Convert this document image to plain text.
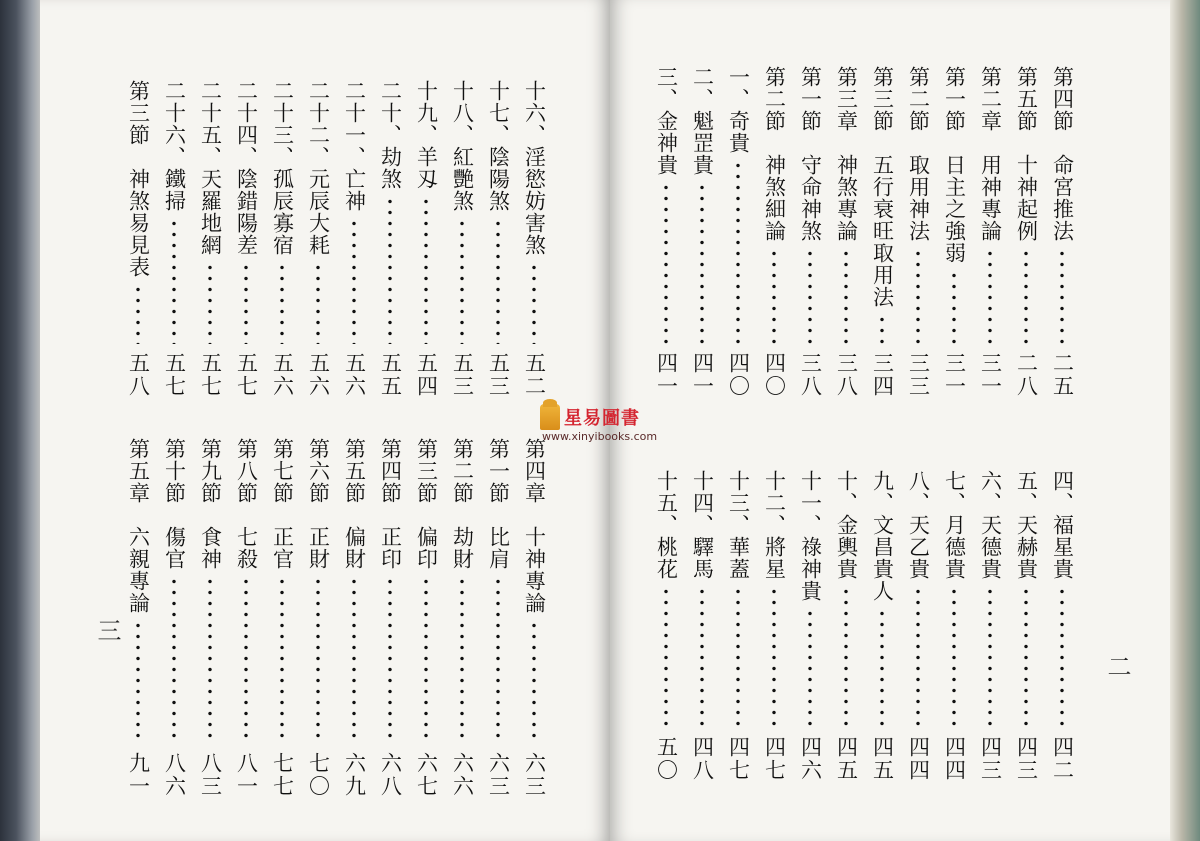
三
十六、淫慾妨害煞
五二
十七、陰陽煞
五三
十八、紅艷煞
五三
十九、羊刄
五四
二十、劫煞
五五
二十一、亡神
五六
二十二、元辰大耗
五六
二十三、孤辰寡宿
五六
二十四、陰錯陽差
五七
二十五、天羅地網
五七
二十六、鐵掃
五七
第三節　神煞易見表
五八
第四章　十神專論
六三
第一節　比肩
六三
第二節　劫財
六六
第三節　偏印
六七
第四節　正印
六八
第五節　偏財
六九
第六節　正財
七〇
第七節　正官
七七
第八節　七殺
八一
第九節　食神
八三
第十節　傷官
八六
第五章　六親專論
九一
二
第四節　命宮推法
二五
第五節　十神起例
二八
第二章　用神專論
三一
第一節　日主之強弱
三一
第二節　取用神法
三三
第三節　五行衰旺取用法
三四
第三章　神煞專論
三八
第一節　守命神煞
三八
第二節　神煞細論
四〇
一、奇貴
四〇
二、魁罡貴
四一
三、金神貴
四一
四、福星貴
四二
五、天赫貴
四三
六、天德貴
四三
七、月德貴
四四
八、天乙貴
四四
九、文昌貴人
四五
十、金輿貴
四五
十一、祿神貴
四六
十二、將星
四七
十三、華蓋
四七
十四、驛馬
四八
十五、桃花
五〇
星易圖書
www.xinyibooks.com
